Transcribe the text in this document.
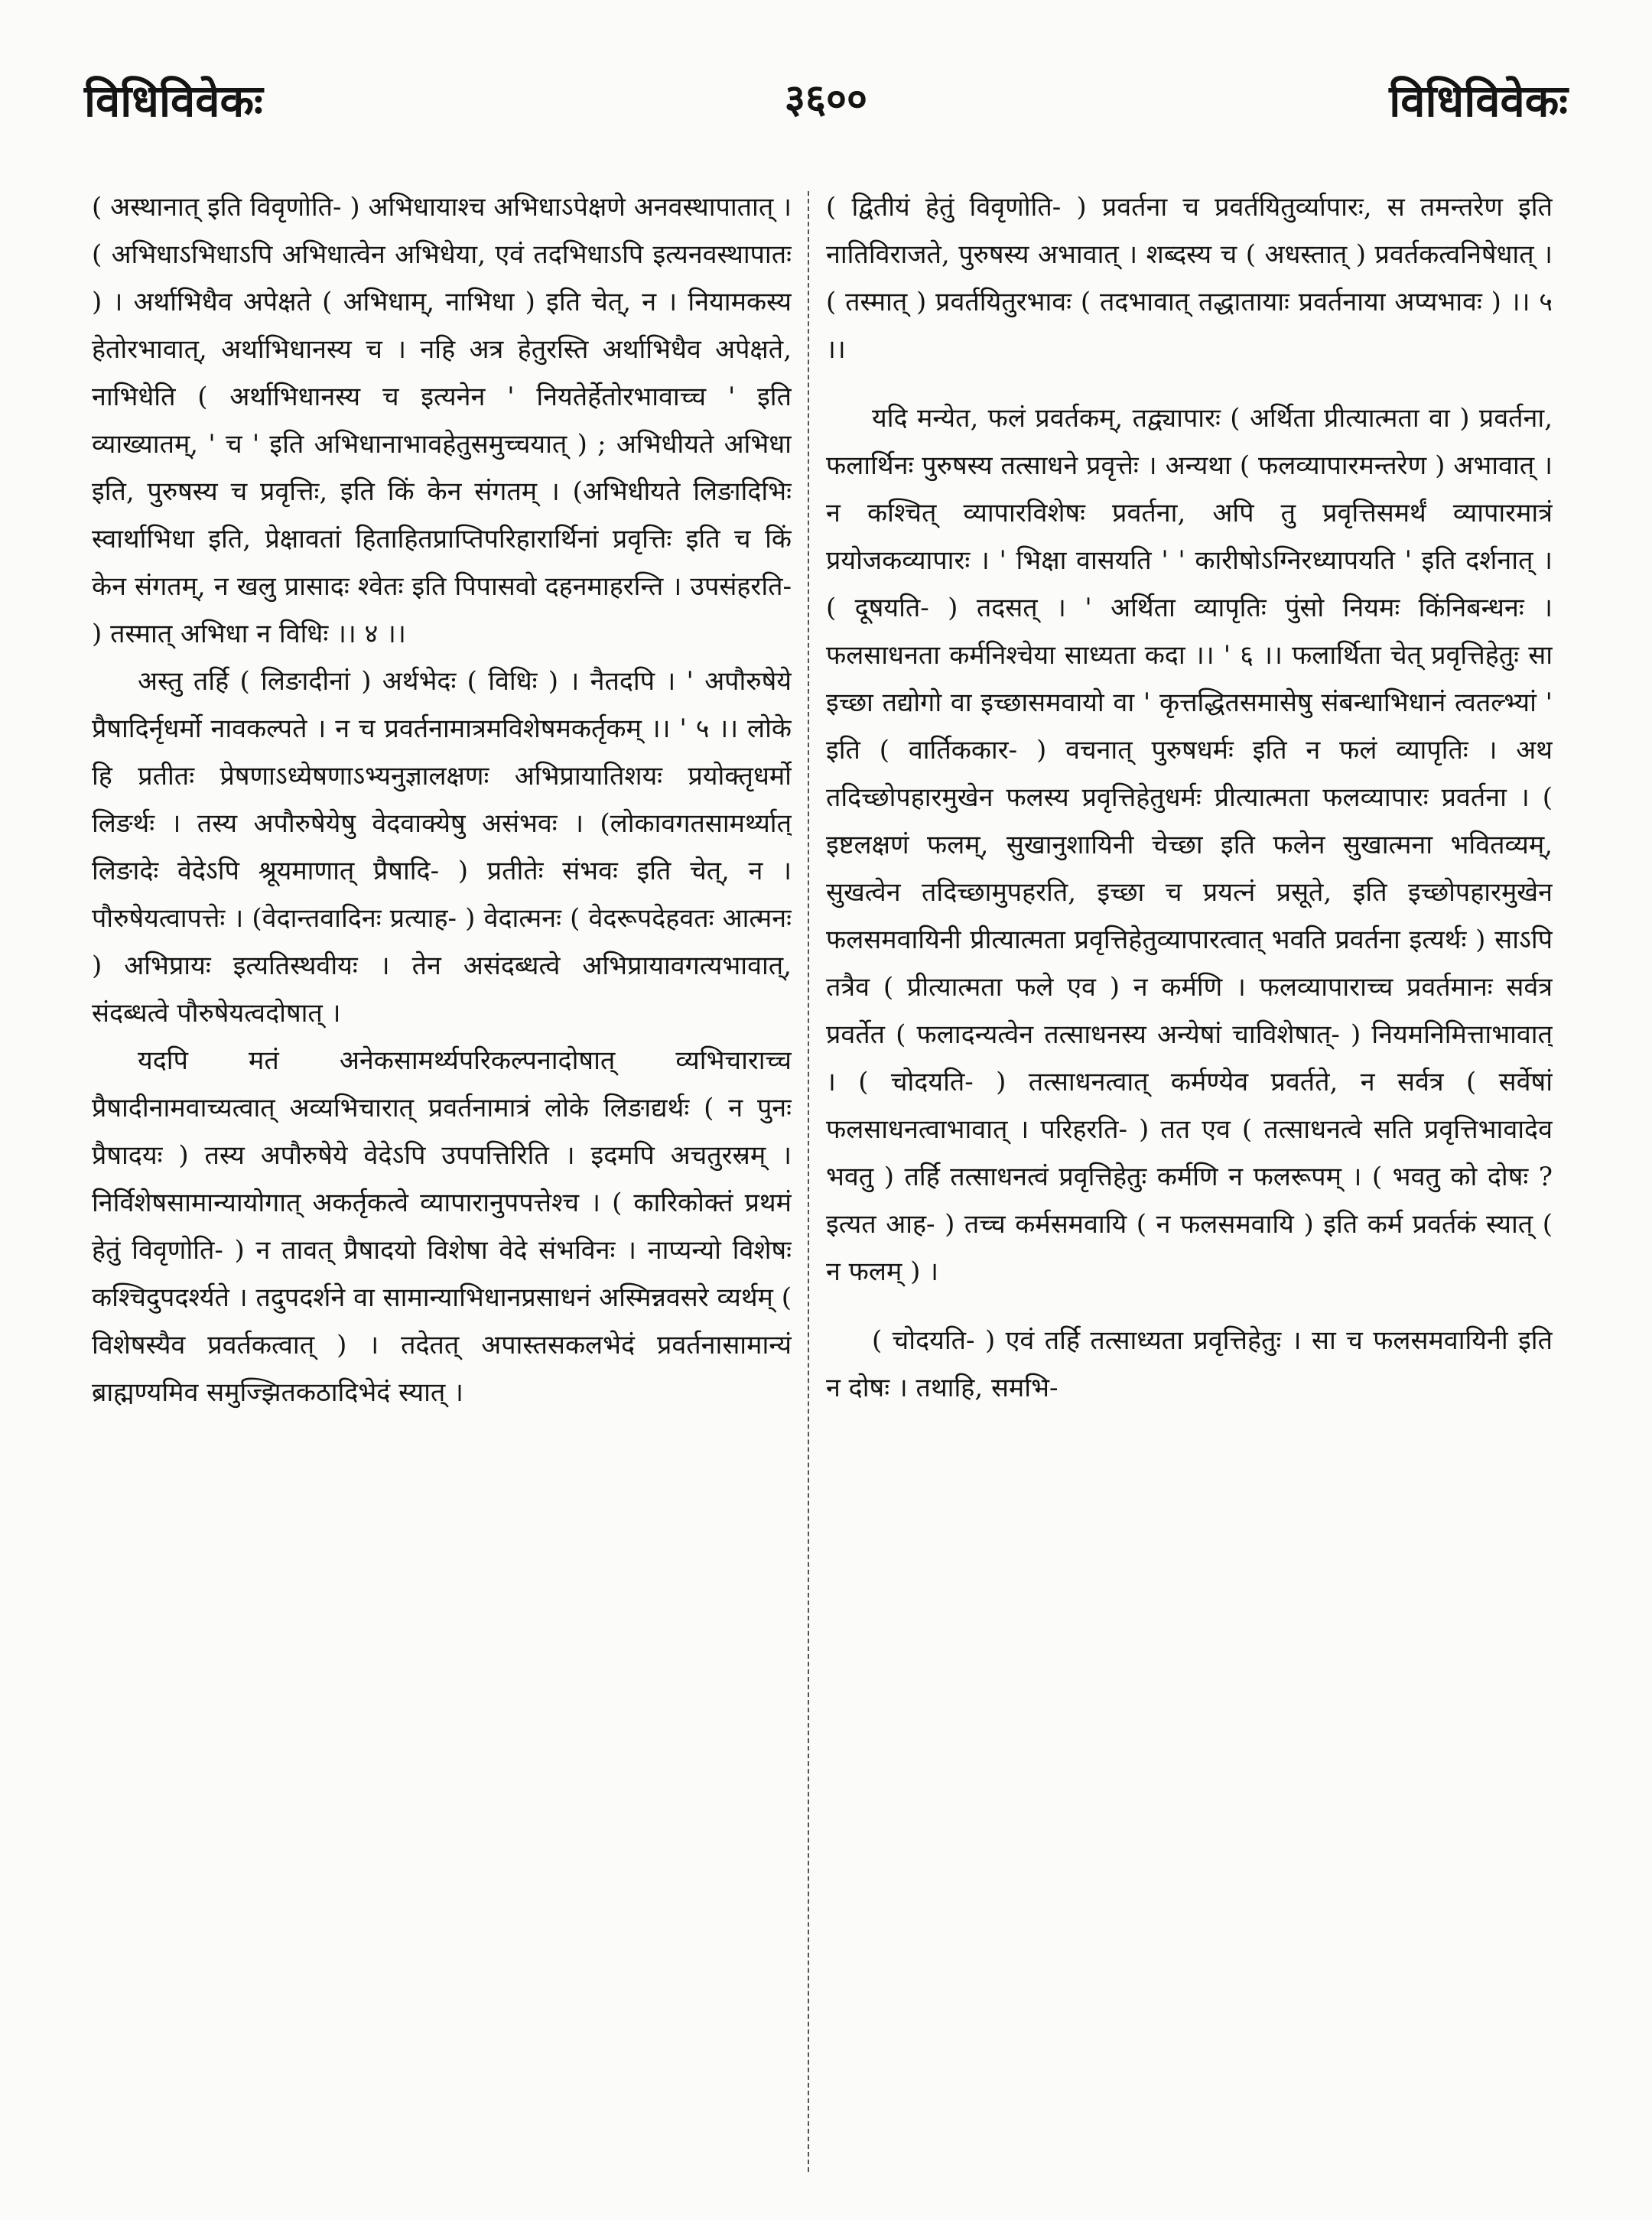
विधिविवेकः	३६००	विधिविवेकः

( अस्थानात् इति विवृणोति- ) अभिधायाश्च अभिधाऽपेक्षणे अनवस्थापातात् । ( अभिधाऽभिधाऽपि अभिधात्वेन अभिधेया, एवं तदभिधाऽपि इत्यनवस्थापातः ) । अर्थाभिधैव अपेक्षते ( अभिधाम्, नाभिधा ) इति चेत्, न । नियामकस्य हेतोरभावात्, अर्थाभिधानस्य च । नहि अत्र हेतुरस्ति अर्थाभिधैव अपेक्षते, नाभिधेति ( अर्थाभिधानस्य च इत्यनेन ' नियतेर्हेतोरभावाच्च ' इति व्याख्यातम्, ' च ' इति अभिधानाभावहेतुसमुच्चयात् ) ; अभिधीयते अभिधा इति, पुरुषस्य च प्रवृत्तिः, इति किं केन संगतम् । (अभिधीयते लिङादिभिः स्वार्थाभिधा इति, प्रेक्षावतां हिताहितप्राप्तिपरिहारार्थिनां प्रवृत्तिः इति च किं केन संगतम्, न खलु प्रासादः श्वेतः इति पिपासवो दहनमाहरन्ति । उपसंहरति- ) तस्मात् अभिधा न विधिः ।। ४ ।।

अस्तु तर्हि ( लिङादीनां ) अर्थभेदः ( विधिः ) । नैतदपि । ' अपौरुषेये प्रैषादिर्नृधर्मो नावकल्पते । न च प्रवर्तनामात्रमविशेषमकर्तृकम् ।। ' ५ ।। लोके हि प्रतीतः प्रेषणाऽध्येषणाऽभ्यनुज्ञालक्षणः अभिप्रायातिशयः प्रयोक्तृधर्मो लिङर्थः । तस्य अपौरुषेयेषु वेदवाक्येषु असंभवः । (लोकावगतसामर्थ्यात् लिङादेः वेदेऽपि श्रूयमाणात् प्रैषादि- ) प्रतीतेः संभवः इति चेत्, न । पौरुषेयत्वापत्तेः । (वेदान्तवादिनः प्रत्याह- ) वेदात्मनः ( वेदरूपदेहवतः आत्मनः ) अभिप्रायः इत्यतिस्थवीयः । तेन असंदब्धत्वे अभिप्रायावगत्यभावात्, संदब्धत्वे पौरुषेयत्वदोषात् ।

यदपि मतं अनेकसामर्थ्यपरिकल्पनादोषात् व्यभिचाराच्च प्रैषादीनामवाच्यत्वात् अव्यभिचारात् प्रवर्तनामात्रं लोके लिङाद्यर्थः ( न पुनः प्रैषादयः ) तस्य अपौरुषेये वेदेऽपि उपपत्तिरिति । इदमपि अचतुरस्रम् । निर्विशेषसामान्यायोगात् अकर्तृकत्वे व्यापारानुपपत्तेश्च । ( कारिकोक्तं प्रथमं हेतुं विवृणोति- ) न तावत् प्रैषादयो विशेषा वेदे संभविनः । नाप्यन्यो विशेषः कश्चिदुपदर्श्यते । तदुपदर्शने वा सामान्याभिधानप्रसाधनं अस्मिन्नवसरे व्यर्थम् ( विशेषस्यैव प्रवर्तकत्वात् ) । तदेतत् अपास्तसकलभेदं प्रवर्तनासामान्यं ब्राह्मण्यमिव समुज्झितकठादिभेदं स्यात् ।

( द्वितीयं हेतुं विवृणोति- ) प्रवर्तना च प्रवर्तयितुर्व्यापारः, स तमन्तरेण इति नातिविराजते, पुरुषस्य अभावात् । शब्दस्य च ( अधस्तात् ) प्रवर्तकत्वनिषेधात् । ( तस्मात् ) प्रवर्तयितुरभावः ( तदभावात् तद्धातायाः प्रवर्तनाया अप्यभावः ) ।। ५ ।।

यदि मन्येत, फलं प्रवर्तकम्, तद्व्यापारः ( अर्थिता प्रीत्यात्मता वा ) प्रवर्तना, फलार्थिनः पुरुषस्य तत्साधने प्रवृत्तेः । अन्यथा ( फलव्यापारमन्तरेण ) अभावात् । न कश्चित् व्यापारविशेषः प्रवर्तना, अपि तु प्रवृत्तिसमर्थं व्यापारमात्रं प्रयोजकव्यापारः । ' भिक्षा वासयति ' ' कारीषोऽग्निरध्यापयति ' इति दर्शनात् । ( दूषयति- ) तदसत् । ' अर्थिता व्यापृतिः पुंसो नियमः किंनिबन्धनः । फलसाधनता कर्मनिश्चेया साध्यता कदा ।। ' ६ ।। फलार्थिता चेत् प्रवृत्तिहेतुः सा इच्छा तद्योगो वा इच्छासमवायो वा ' कृत्तद्धितसमासेषु संबन्धाभिधानं त्वतल्भ्यां ' इति ( वार्तिककार- ) वचनात् पुरुषधर्मः इति न फलं व्यापृतिः । अथ तदिच्छोपहारमुखेन फलस्य प्रवृत्तिहेतुधर्मः प्रीत्यात्मता फलव्यापारः प्रवर्तना । ( इष्टलक्षणं फलम्, सुखानुशायिनी चेच्छा इति फलेन सुखात्मना भवितव्यम्, सुखत्वेन तदिच्छामुपहरति, इच्छा च प्रयत्नं प्रसूते, इति इच्छोपहारमुखेन फलसमवायिनी प्रीत्यात्मता प्रवृत्तिहेतुव्यापारत्वात् भवति प्रवर्तना इत्यर्थः ) साऽपि तत्रैव ( प्रीत्यात्मता फले एव ) न कर्मणि । फलव्यापाराच्च प्रवर्तमानः सर्वत्र प्रवर्तेत ( फलादन्यत्वेन तत्साधनस्य अन्येषां चाविशेषात्- ) नियमनिमित्ताभावात् । ( चोदयति- ) तत्साधनत्वात् कर्मण्येव प्रवर्तते, न सर्वत्र ( सर्वेषां फलसाधनत्वाभावात् । परिहरति- ) तत एव ( तत्साधनत्वे सति प्रवृत्तिभावादेव भवतु ) तर्हि तत्साधनत्वं प्रवृत्तिहेतुः कर्मणि न फलरूपम् । ( भवतु को दोषः ? इत्यत आह- ) तच्च कर्मसमवायि ( न फलसमवायि ) इति कर्म प्रवर्तकं स्यात् ( न फलम् ) ।

( चोदयति- ) एवं तर्हि तत्साध्यता प्रवृत्तिहेतुः । सा च फलसमवायिनी इति न दोषः । तथाहि, समभि-
